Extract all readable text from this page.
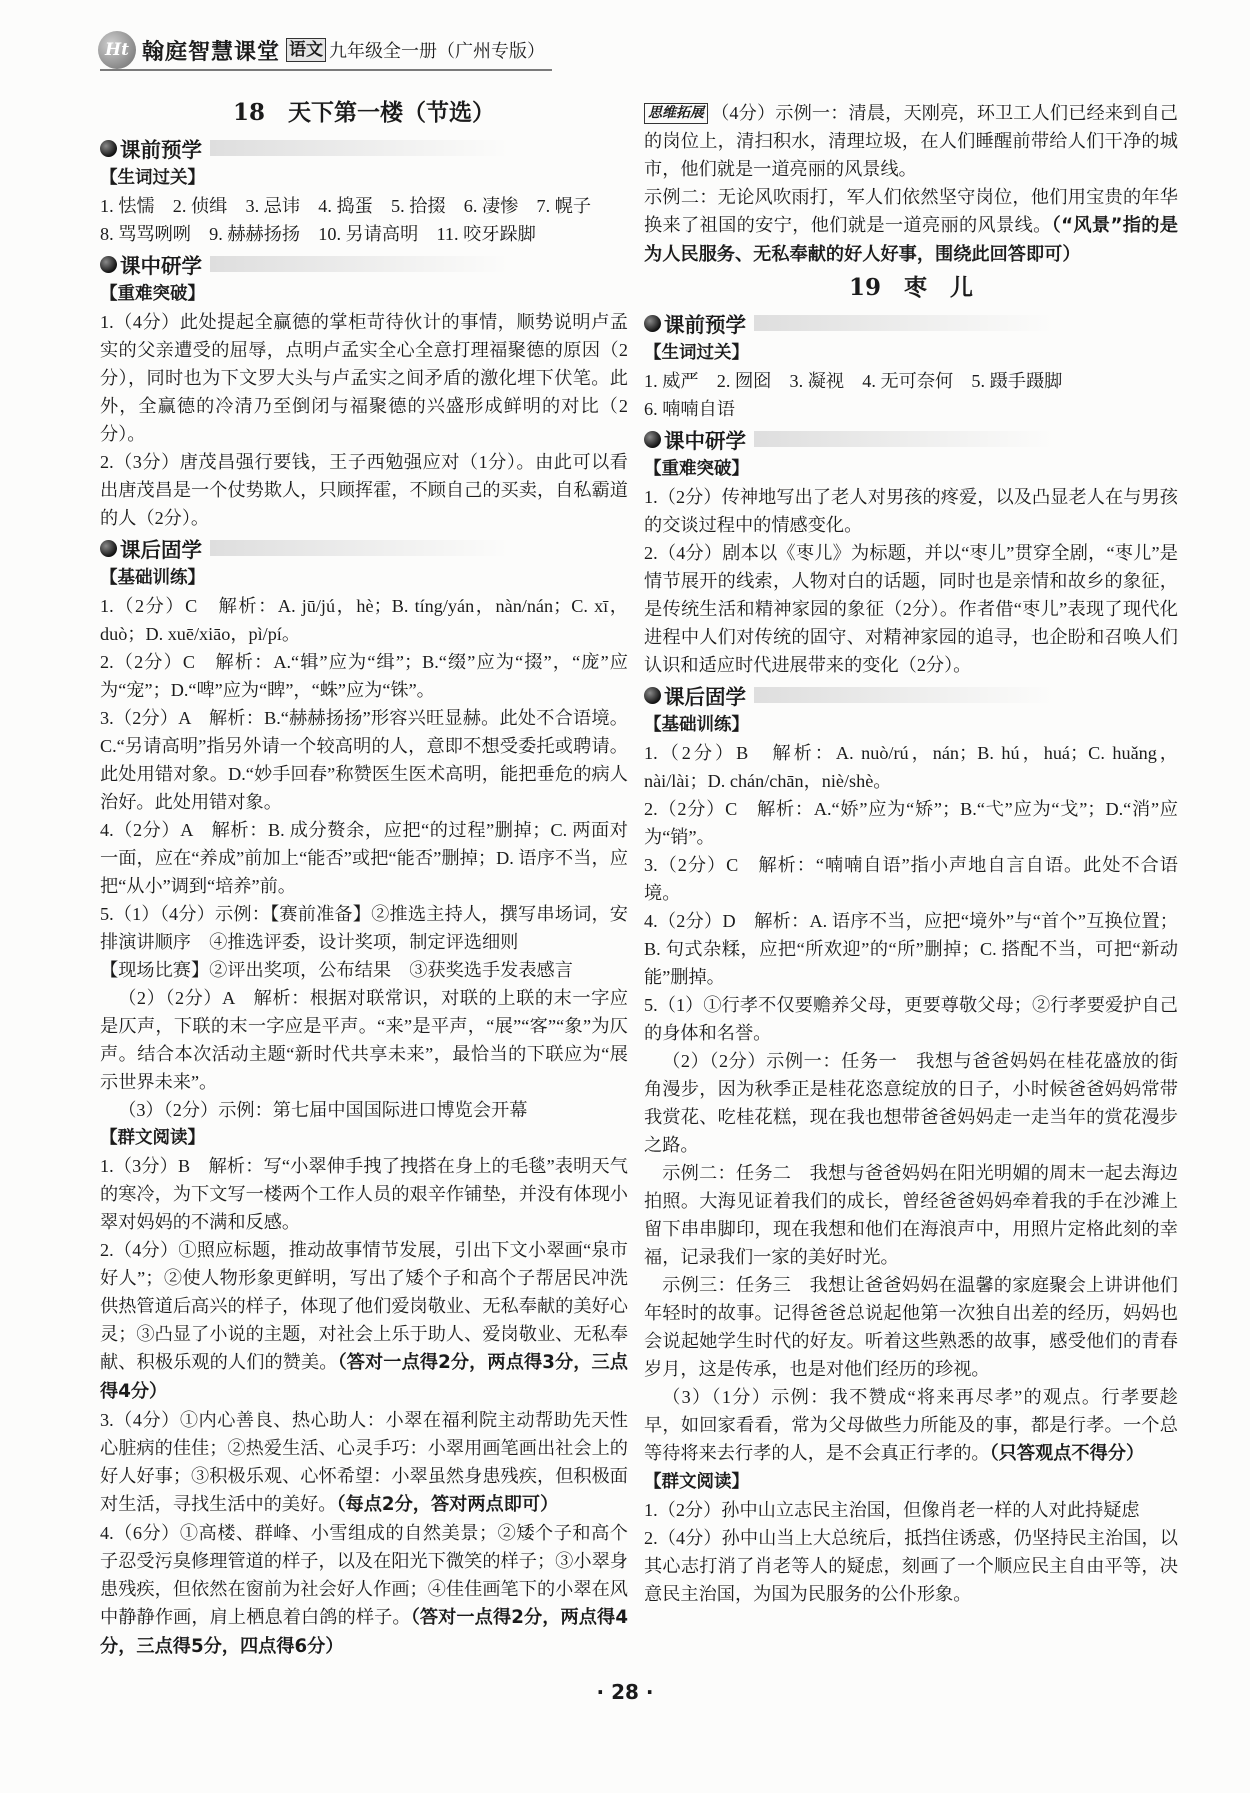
Ht 翰庭智慧课堂 语文 九年级全一册（广州专版）
18　天下第一楼（节选）
课前预学
【生词过关】

1. 怯懦　2. 侦缉　3. 忌讳　4. 捣蛋　5. 拾掇　6. 凄惨　7. 幌子

8. 骂骂咧咧　9. 赫赫扬扬　10. 另请高明　11. 咬牙跺脚

课中研学
【重难突破】

1.（4分）此处提起全赢德的掌柜苛待伙计的事情，顺势说明卢孟实的父亲遭受的屈辱，点明卢孟实全心全意打理福聚德的原因（2分），同时也为下文罗大头与卢孟实之间矛盾的激化埋下伏笔。此外，全赢德的冷清乃至倒闭与福聚德的兴盛形成鲜明的对比（2分）。

2.（3分）唐茂昌强行要钱，王子西勉强应对（1分）。由此可以看出唐茂昌是一个仗势欺人，只顾挥霍，不顾自己的买卖，自私霸道的人（2分）。

课后固学
【基础训练】

1.（2分）C　解析：A. jū/jú，hè；B. tíng/yán，nàn/nán；C. xī，duò；D. xuē/xiāo，pì/pí。

2.（2分）C　解析：A.“辑”应为“缉”；B.“缀”应为“掇”，“庞”应为“宠”；D.“啤”应为“睥”，“蛛”应为“铢”。

3.（2分）A　解析：B.“赫赫扬扬”形容兴旺显赫。此处不合语境。C.“另请高明”指另外请一个较高明的人，意即不想受委托或聘请。此处用错对象。D.“妙手回春”称赞医生医术高明，能把垂危的病人治好。此处用错对象。

4.（2分）A　解析：B. 成分赘余，应把“的过程”删掉；C. 两面对一面，应在“养成”前加上“能否”或把“能否”删掉；D. 语序不当，应把“从小”调到“培养”前。

5.（1）（4分）示例：【赛前准备】②推选主持人，撰写串场词，安排演讲顺序　④推选评委，设计奖项，制定评选细则

【现场比赛】②评出奖项，公布结果　③获奖选手发表感言

（2）（2分）A　解析：根据对联常识，对联的上联的末一字应是仄声，下联的末一字应是平声。“来”是平声，“展”“客”“象”为仄声。结合本次活动主题“新时代共享未来”，最恰当的下联应为“展示世界未来”。

（3）（2分）示例：第七届中国国际进口博览会开幕

【群文阅读】

1.（3分）B　解析：写“小翠伸手拽了拽搭在身上的毛毯”表明天气的寒冷，为下文写一楼两个工作人员的艰辛作铺垫，并没有体现小翠对妈妈的不满和反感。

2.（4分）①照应标题，推动故事情节发展，引出下文小翠画“泉市好人”；②使人物形象更鲜明，写出了矮个子和高个子帮居民冲洗供热管道后高兴的样子，体现了他们爱岗敬业、无私奉献的美好心灵；③凸显了小说的主题，对社会上乐于助人、爱岗敬业、无私奉献、积极乐观的人们的赞美。（答对一点得2分，两点得3分，三点得4分）

3.（4分）①内心善良、热心助人：小翠在福利院主动帮助先天性心脏病的佳佳；②热爱生活、心灵手巧：小翠用画笔画出社会上的好人好事；③积极乐观、心怀希望：小翠虽然身患残疾，但积极面对生活，寻找生活中的美好。（每点2分，答对两点即可）

4.（6分）①高楼、群峰、小雪组成的自然美景；②矮个子和高个子忍受污臭修理管道的样子，以及在阳光下微笑的样子；③小翠身患残疾，但依然在窗前为社会好人作画；④佳佳画笔下的小翠在风中静静作画，肩上栖息着白鸽的样子。（答对一点得2分，两点得4分，三点得5分，四点得6分）

思维拓展 （4分）示例一：清晨，天刚亮，环卫工人们已经来到自己的岗位上，清扫积水，清理垃圾，在人们睡醒前带给人们干净的城市，他们就是一道亮丽的风景线。

示例二：无论风吹雨打，军人们依然坚守岗位，他们用宝贵的年华换来了祖国的安宁，他们就是一道亮丽的风景线。（“风景”指的是为人民服务、无私奉献的好人好事，围绕此回答即可）

19　枣　儿
课前预学
【生词过关】

1. 威严　2. 囫囵　3. 凝视　4. 无可奈何　5. 蹑手蹑脚

6. 喃喃自语

课中研学
【重难突破】

1.（2分）传神地写出了老人对男孩的疼爱，以及凸显老人在与男孩的交谈过程中的情感变化。

2.（4分）剧本以《枣儿》为标题，并以“枣儿”贯穿全剧，“枣儿”是情节展开的线索，人物对白的话题，同时也是亲情和故乡的象征，是传统生活和精神家园的象征（2分）。作者借“枣儿”表现了现代化进程中人们对传统的固守、对精神家园的追寻，也企盼和召唤人们认识和适应时代进展带来的变化（2分）。

课后固学
【基础训练】

1.（2分）B　解析：A. nuò/rú，nán；B. hú，huá；C. huǎng，nài/lài；D. chán/chān，niè/shè。

2.（2分）C　解析：A.“娇”应为“矫”；B.“弋”应为“戈”；D.“消”应为“销”。

3.（2分）C　解析：“喃喃自语”指小声地自言自语。此处不合语境。

4.（2分）D　解析：A. 语序不当，应把“境外”与“首个”互换位置；B. 句式杂糅，应把“所欢迎”的“所”删掉；C. 搭配不当，可把“新动能”删掉。

5.（1）①行孝不仅要赡养父母，更要尊敬父母；②行孝要爱护自己的身体和名誉。

（2）（2分）示例一：任务一　我想与爸爸妈妈在桂花盛放的街角漫步，因为秋季正是桂花恣意绽放的日子，小时候爸爸妈妈常带我赏花、吃桂花糕，现在我也想带爸爸妈妈走一走当年的赏花漫步之路。

示例二：任务二　我想与爸爸妈妈在阳光明媚的周末一起去海边拍照。大海见证着我们的成长，曾经爸爸妈妈牵着我的手在沙滩上留下串串脚印，现在我想和他们在海浪声中，用照片定格此刻的幸福，记录我们一家的美好时光。

示例三：任务三　我想让爸爸妈妈在温馨的家庭聚会上讲讲他们年轻时的故事。记得爸爸总说起他第一次独自出差的经历，妈妈也会说起她学生时代的好友。听着这些熟悉的故事，感受他们的青春岁月，这是传承，也是对他们经历的珍视。

（3）（1分）示例：我不赞成“将来再尽孝”的观点。行孝要趁早，如回家看看，常为父母做些力所能及的事，都是行孝。一个总等待将来去行孝的人，是不会真正行孝的。（只答观点不得分）

【群文阅读】

1.（2分）孙中山立志民主治国，但像肖老一样的人对此持疑虑

2.（4分）孙中山当上大总统后，抵挡住诱惑，仍坚持民主治国，以其心志打消了肖老等人的疑虑，刻画了一个顺应民主自由平等，决意民主治国，为国为民服务的公仆形象。

· 28 ·
